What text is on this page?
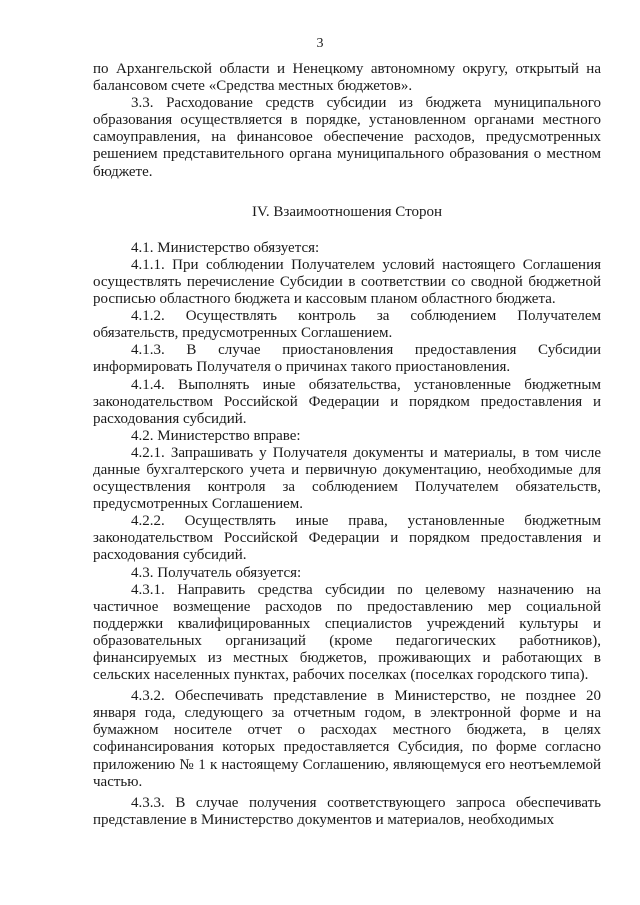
3

по Архангельской области и Ненецкому автономному округу, открытый на балансовом счете «Средства местных бюджетов».

3.3. Расходование средств субсидии из бюджета муниципального образования осуществляется в порядке, установленном органами местного самоуправления, на финансовое обеспечение расходов, предусмотренных решением представительного органа муниципального образования о местном бюджете.

IV. Взаимоотношения Сторон

4.1. Министерство обязуется:

4.1.1. При соблюдении Получателем условий настоящего Соглашения осуществлять перечисление Субсидии в соответствии со сводной бюджетной росписью областного бюджета и кассовым планом областного бюджета.

4.1.2. Осуществлять контроль за соблюдением Получателем обязательств, предусмотренных Соглашением.

4.1.3. В случае приостановления предоставления Субсидии информировать Получателя о причинах такого приостановления.

4.1.4. Выполнять иные обязательства, установленные бюджетным законодательством Российской Федерации и порядком предоставления и расходования субсидий.

4.2. Министерство вправе:

4.2.1. Запрашивать у Получателя документы и материалы, в том числе данные бухгалтерского учета и первичную документацию, необходимые для осуществления контроля за соблюдением Получателем обязательств, предусмотренных Соглашением.

4.2.2. Осуществлять иные права, установленные бюджетным законодательством Российской Федерации и порядком предоставления и расходования субсидий.

4.3. Получатель обязуется:

4.3.1. Направить средства субсидии по целевому назначению на частичное возмещение расходов по предоставлению мер социальной поддержки квалифицированных специалистов учреждений культуры и образовательных организаций (кроме педагогических работников), финансируемых из местных бюджетов, проживающих и работающих в сельских населенных пунктах, рабочих поселках (поселках городского типа).

4.3.2. Обеспечивать представление в Министерство, не позднее 20 января года, следующего за отчетным годом, в электронной форме и на бумажном носителе отчет о расходах местного бюджета, в целях софинансирования которых предоставляется Субсидия, по форме согласно приложению № 1 к настоящему Соглашению, являющемуся его неотъемлемой частью.

4.3.3. В случае получения соответствующего запроса обеспечивать представление в Министерство документов и материалов, необходимых
